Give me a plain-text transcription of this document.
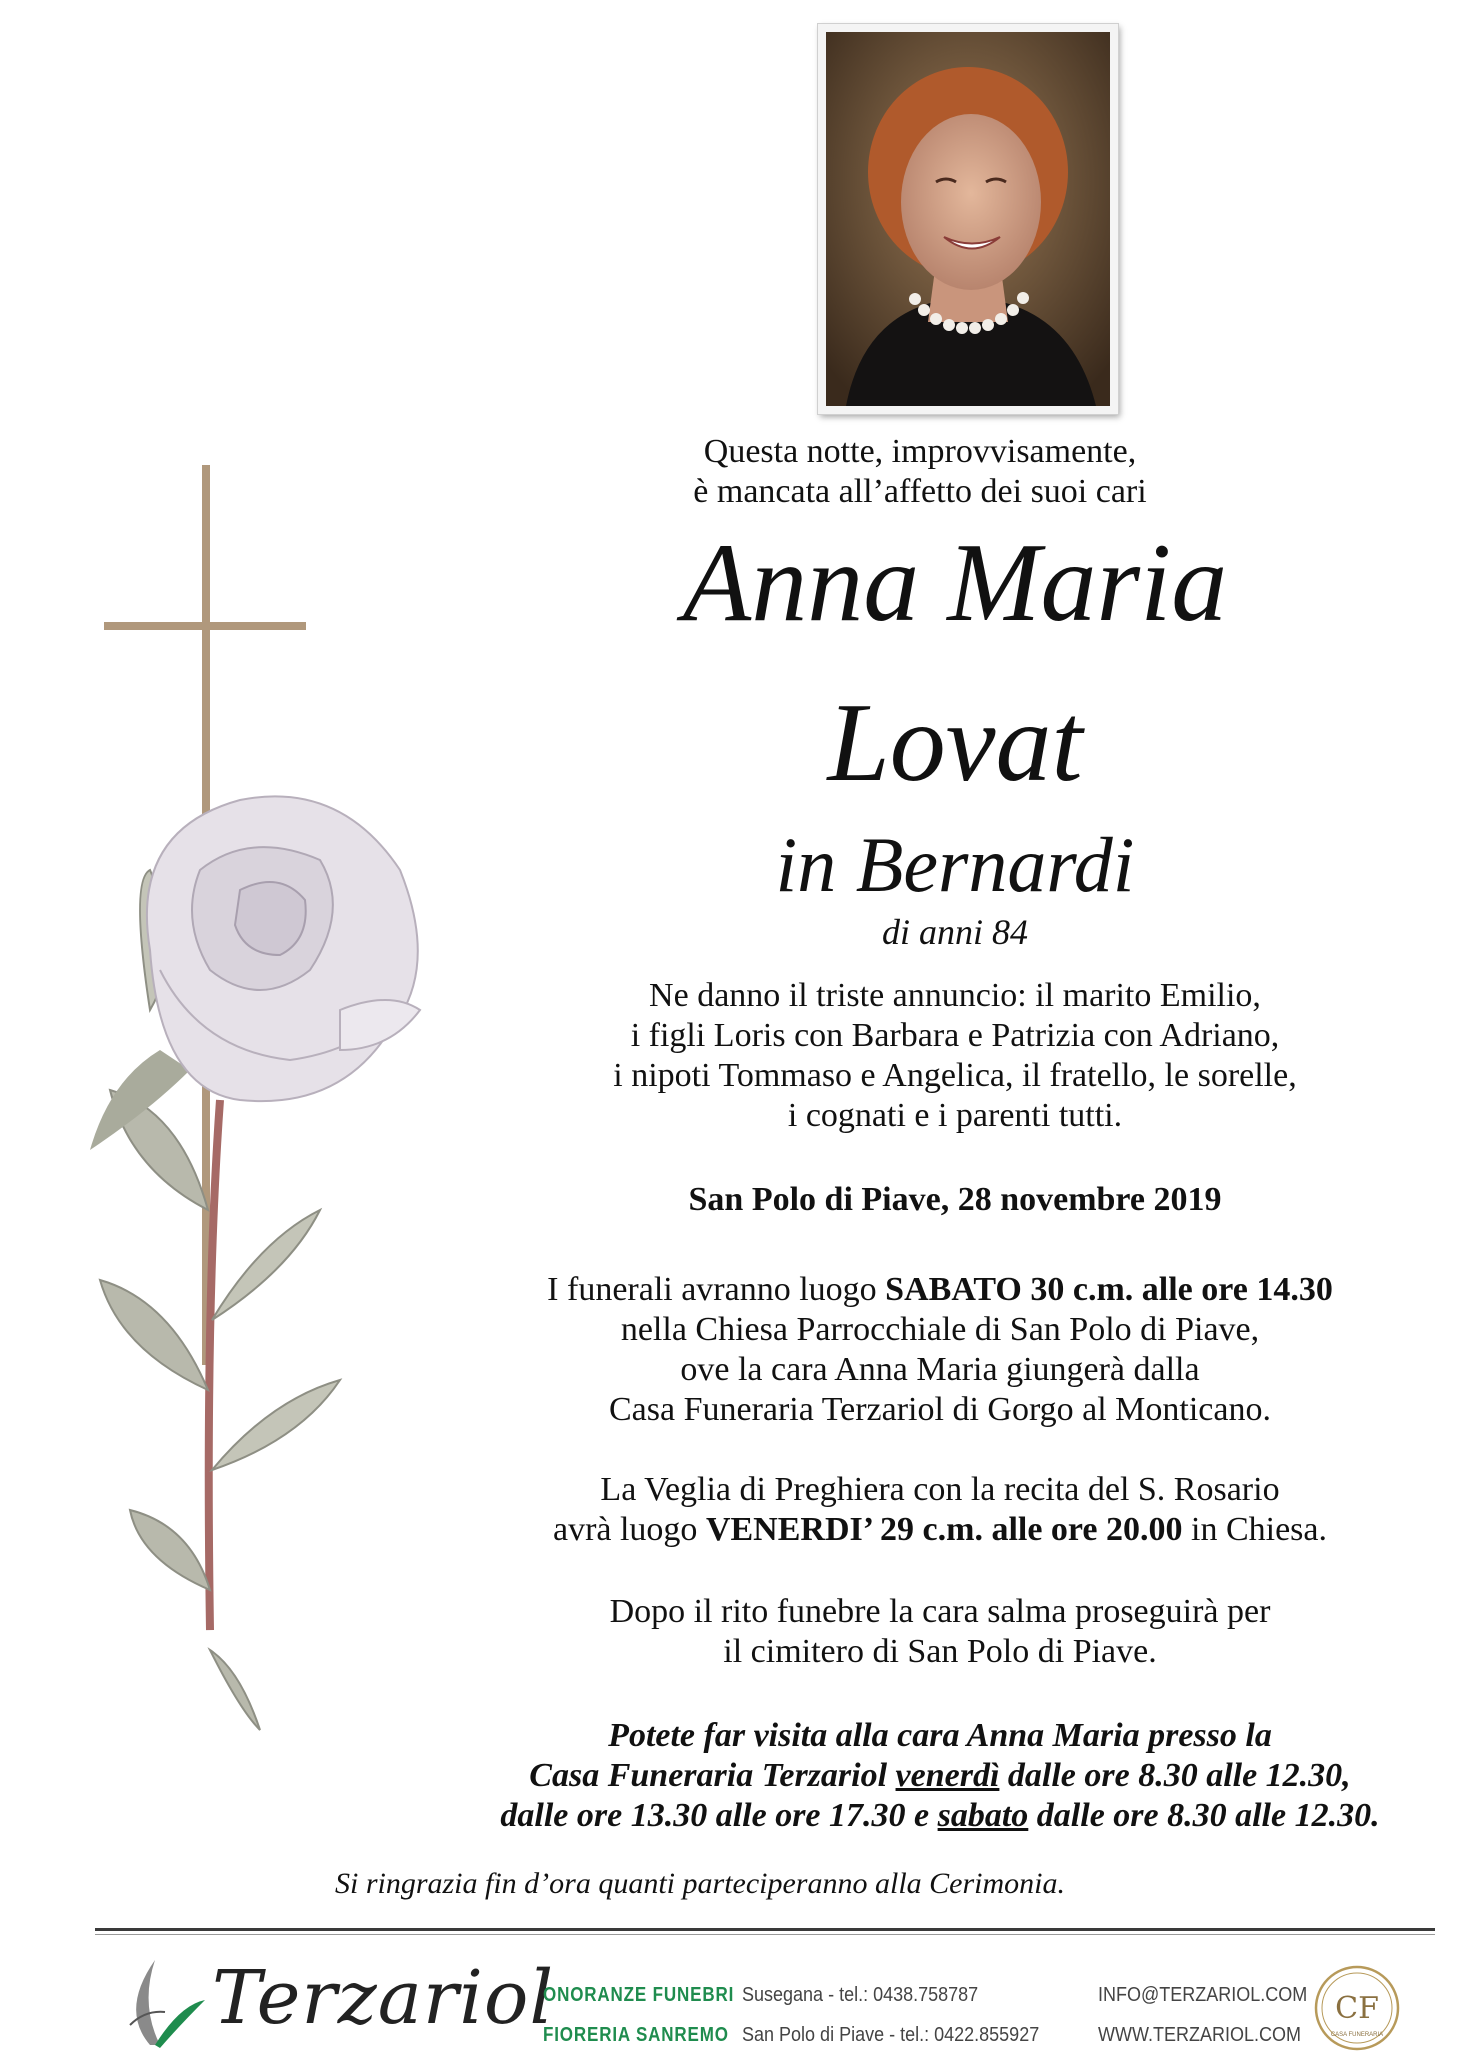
Questa notte, improvvisamente,
è mancata all’affetto dei suoi cari
Anna Maria
Lovat
in Bernardi
di anni 84
Ne danno il triste annuncio: il marito Emilio,
i figli Loris con Barbara e Patrizia con Adriano,
i nipoti Tommaso e Angelica, il fratello, le sorelle,
i cognati e i parenti tutti.
San Polo di Piave, 28 novembre 2019
I funerali avranno luogo SABATO 30 c.m. alle ore 14.30
nella Chiesa Parrocchiale di San Polo di Piave,
ove la cara Anna Maria giungerà dalla
Casa Funeraria Terzariol di Gorgo al Monticano.
La Veglia di Preghiera con la recita del S. Rosario
avrà luogo VENERDI’ 29 c.m. alle ore 20.00 in Chiesa.
Dopo il rito funebre la cara salma proseguirà per
il cimitero di San Polo di Piave.
Potete far visita alla cara Anna Maria presso la
Casa Funeraria Terzariol venerdì dalle ore 8.30 alle 12.30,
dalle ore 13.30 alle ore 17.30 e sabato dalle ore 8.30 alle 12.30.
Si ringrazia fin d’ora quanti parteciperanno alla Cerimonia.
Terzariol
ONORANZE FUNEBRI
FIORERIA SANREMO
Susegana - tel.: 0438.758787
San Polo di Piave - tel.: 0422.855927
INFO@TERZARIOL.COM
WWW.TERZARIOL.COM
CF
CASA FUNERARIA
